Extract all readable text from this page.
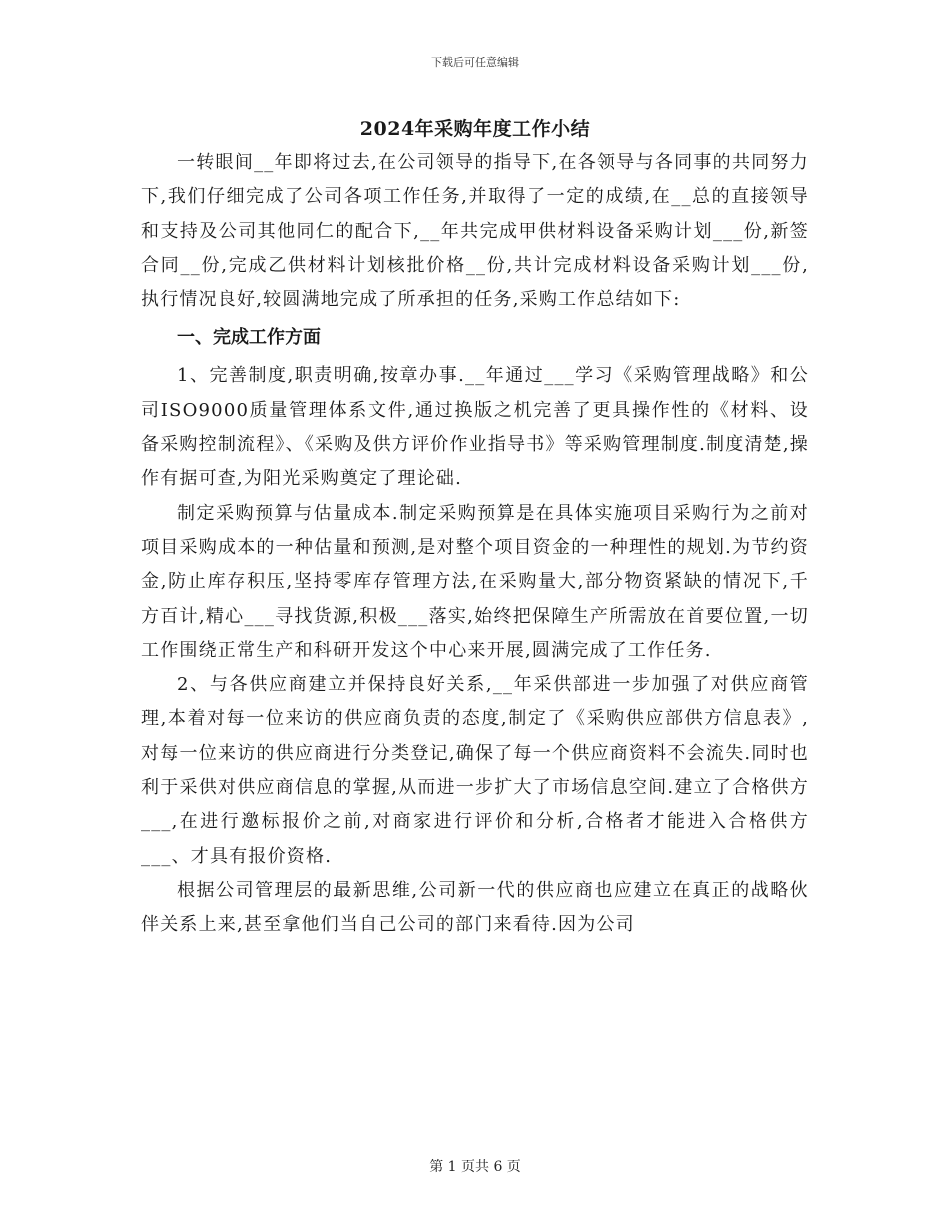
下载后可任意编辑
2024年采购年度工作小结

一转眼间__年即将过去,在公司领导的指导下,在各领导与各同事的共同努力下,我们仔细完成了公司各项工作任务,并取得了一定的成绩,在__总的直接领导和支持及公司其他同仁的配合下,__年共完成甲供材料设备采购计划___份,新签合同__份,完成乙供材料计划核批价格__份,共计完成材料设备采购计划___份,执行情况良好,较圆满地完成了所承担的任务,采购工作总结如下:

一、完成工作方面

1、完善制度,职责明确,按章办事.__年通过___学习《采购管理战略》和公司ISO9000质量管理体系文件,通过换版之机完善了更具操作性的《材料、设备采购控制流程》、《采购及供方评价作业指导书》等采购管理制度.制度清楚,操作有据可查,为阳光采购奠定了理论础.

制定采购预算与估量成本.制定采购预算是在具体实施项目采购行为之前对项目采购成本的一种估量和预测,是对整个项目资金的一种理性的规划.为节约资金,防止库存积压,坚持零库存管理方法,在采购量大,部分物资紧缺的情况下,千方百计,精心___寻找货源,积极___落实,始终把保障生产所需放在首要位置,一切工作围绕正常生产和科研开发这个中心来开展,圆满完成了工作任务.

2、与各供应商建立并保持良好关系,__年采供部进一步加强了对供应商管理,本着对每一位来访的供应商负责的态度,制定了《采购供应部供方信息表》,对每一位来访的供应商进行分类登记,确保了每一个供应商资料不会流失.同时也利于采供对供应商信息的掌握,从而进一步扩大了市场信息空间.建立了合格供方___,在进行邀标报价之前,对商家进行评价和分析,合格者才能进入合格供方___、才具有报价资格.

根据公司管理层的最新思维,公司新一代的供应商也应建立在真正的战略伙伴关系上来,甚至拿他们当自己公司的部门来看待.因为公司

第 1 页共 6 页
